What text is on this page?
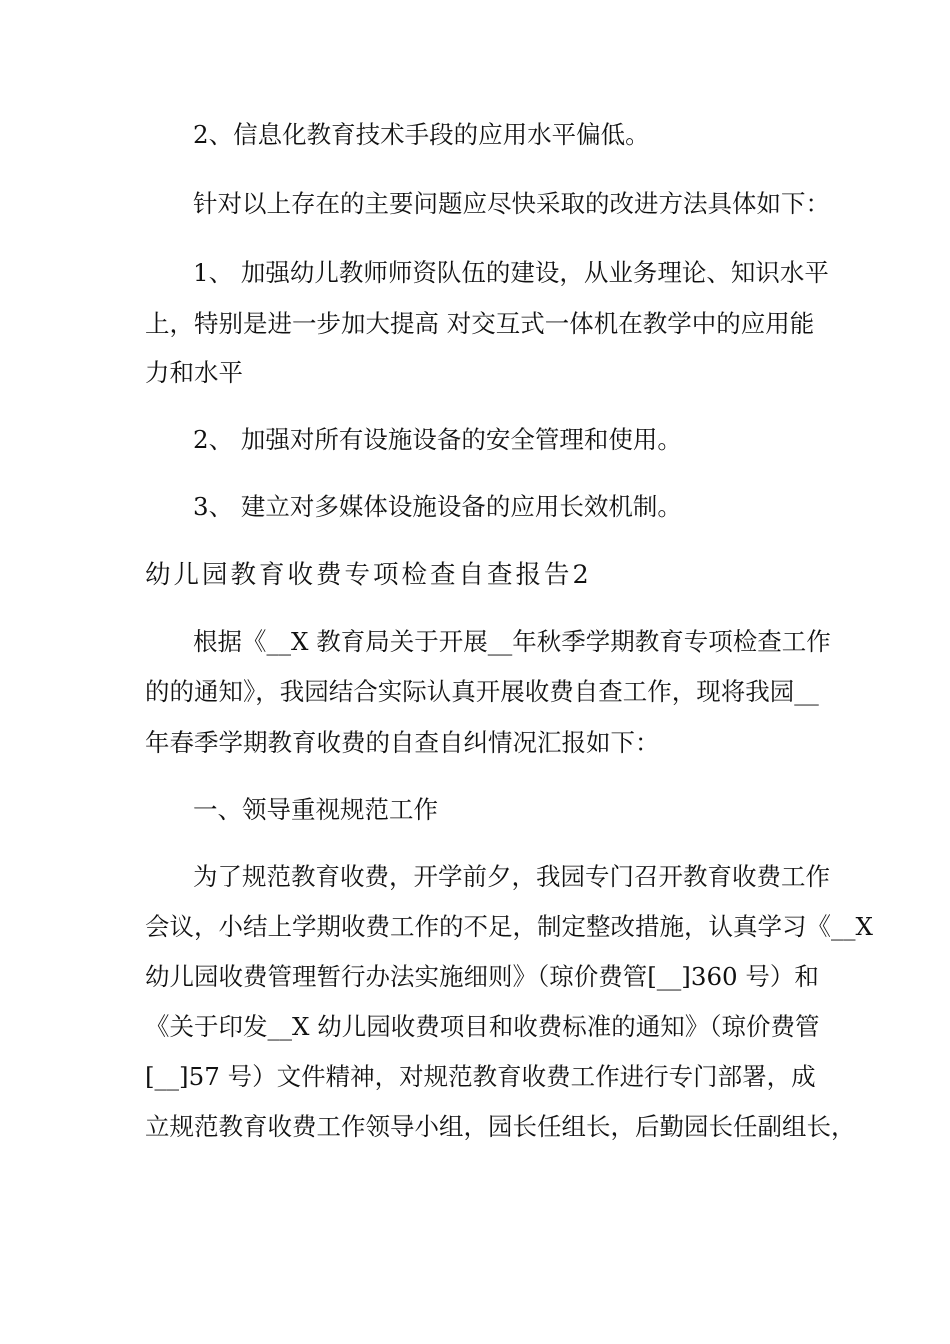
2、信息化教育技术手段的应用水平偏低。
针对以上存在的主要问题应尽快采取的改进方法具体如下：
1、 加强幼儿教师师资队伍的建设，从业务理论、知识水平
上，特别是进一步加大提高 对交互式一体机在教学中的应用能
力和水平
2、 加强对所有设施设备的安全管理和使用。
3、 建立对多媒体设施设备的应用长效机制。
幼儿园教育收费专项检查自查报告2
根据《__X 教育局关于开展__年秋季学期教育专项检查工作
的的通知》，我园结合实际认真开展收费自查工作，现将我园__
年春季学期教育收费的自查自纠情况汇报如下：
一、领导重视规范工作
为了规范教育收费，开学前夕，我园专门召开教育收费工作
会议，小结上学期收费工作的不足，制定整改措施，认真学习《__X
幼儿园收费管理暂行办法实施细则》（琼价费管[__]360 号）和
《关于印发__X 幼儿园收费项目和收费标准的通知》（琼价费管
[__]57 号）文件精神，对规范教育收费工作进行专门部署，成
立规范教育收费工作领导小组，园长任组长，后勤园长任副组长，
